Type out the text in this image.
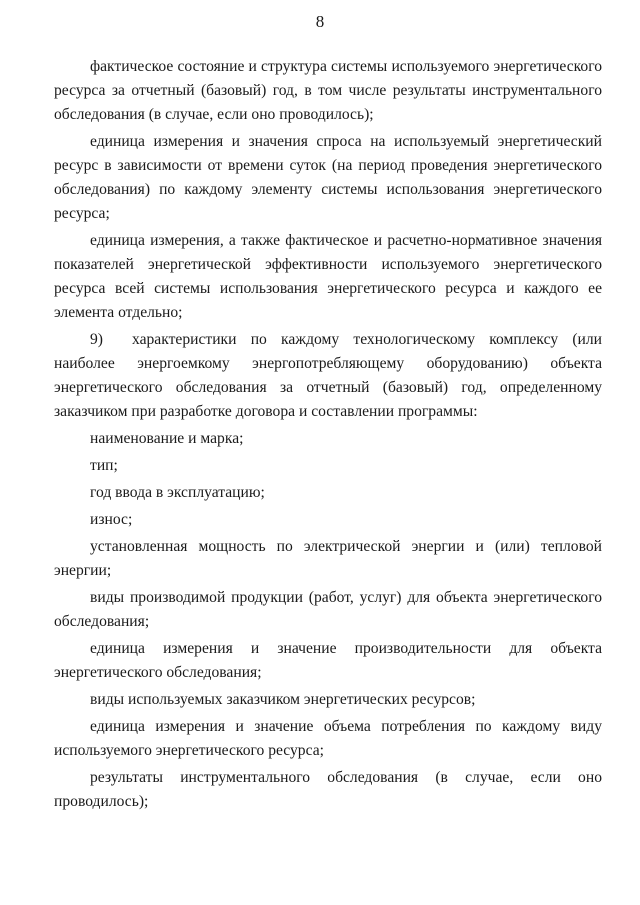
8

фактическое состояние и структура системы используемого энергетического ресурса за отчетный (базовый) год, в том числе результаты инструментального обследования (в случае, если оно проводилось);

единица измерения и значения спроса на используемый энергетический ресурс в зависимости от времени суток (на период проведения энергетического обследования) по каждому элементу системы использования энергетического ресурса;

единица измерения, а также фактическое и расчетно-нормативное значения показателей энергетической эффективности используемого энергетического ресурса всей системы использования энергетического ресурса и каждого ее элемента отдельно;

9) характеристики по каждому технологическому комплексу (или наиболее энергоемкому энергопотребляющему оборудованию) объекта энергетического обследования за отчетный (базовый) год, определенному заказчиком при разработке договора и составлении программы:

наименование и марка;

тип;

год ввода в эксплуатацию;

износ;

установленная мощность по электрической энергии и (или) тепловой энергии;

виды производимой продукции (работ, услуг) для объекта энергетического обследования;

единица измерения и значение производительности для объекта энергетического обследования;

виды используемых заказчиком энергетических ресурсов;

единица измерения и значение объема потребления по каждому виду используемого энергетического ресурса;

результаты инструментального обследования (в случае, если оно проводилось);
